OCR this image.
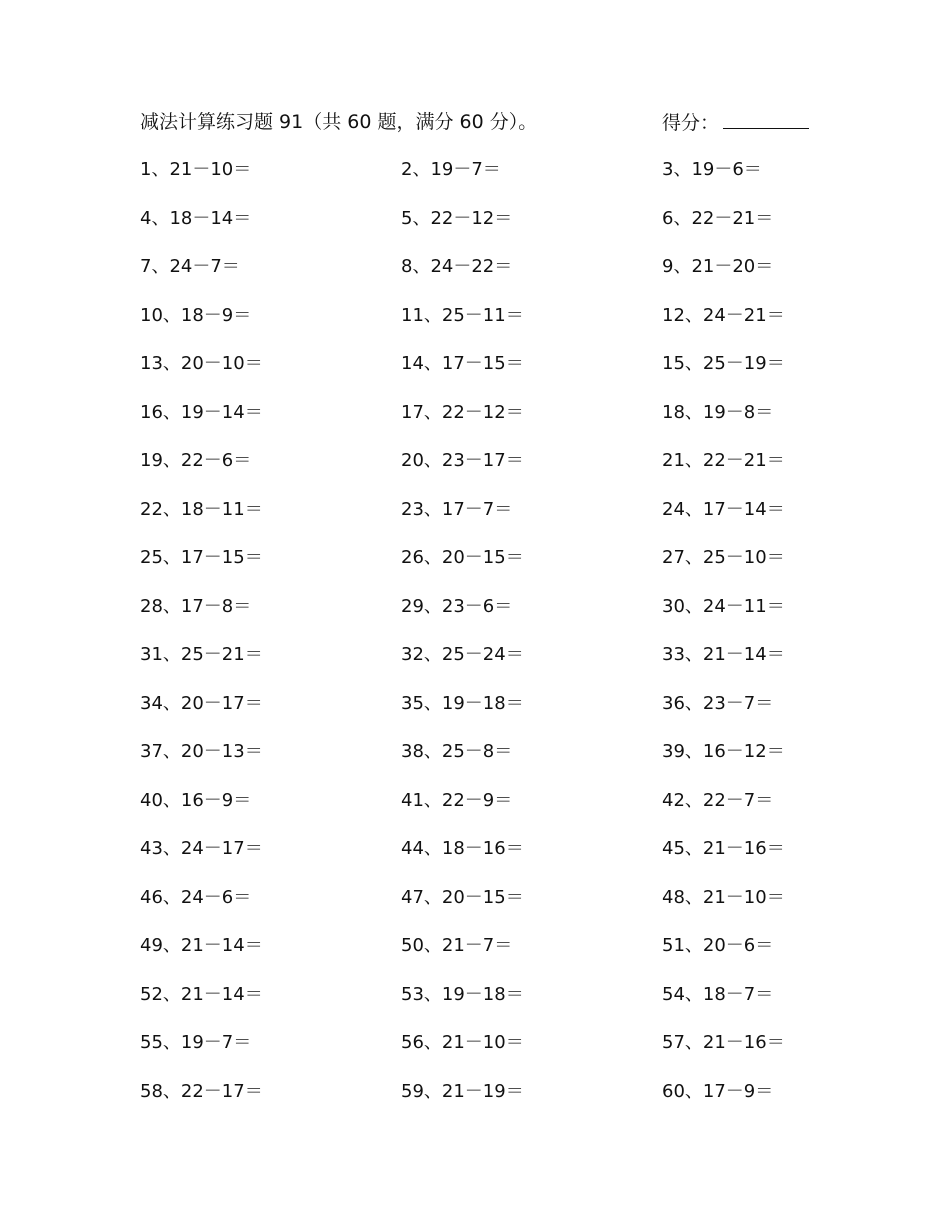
减法计算练习题 91（共 60 题，满分 60 分）。	得分：
1、21－10＝	2、19－7＝	3、19－6＝
4、18－14＝	5、22－12＝	6、22－21＝
7、24－7＝	8、24－22＝	9、21－20＝
10、18－9＝	11、25－11＝	12、24－21＝
13、20－10＝	14、17－15＝	15、25－19＝
16、19－14＝	17、22－12＝	18、19－8＝
19、22－6＝	20、23－17＝	21、22－21＝
22、18－11＝	23、17－7＝	24、17－14＝
25、17－15＝	26、20－15＝	27、25－10＝
28、17－8＝	29、23－6＝	30、24－11＝
31、25－21＝	32、25－24＝	33、21－14＝
34、20－17＝	35、19－18＝	36、23－7＝
37、20－13＝	38、25－8＝	39、16－12＝
40、16－9＝	41、22－9＝	42、22－7＝
43、24－17＝	44、18－16＝	45、21－16＝
46、24－6＝	47、20－15＝	48、21－10＝
49、21－14＝	50、21－7＝	51、20－6＝
52、21－14＝	53、19－18＝	54、18－7＝
55、19－7＝	56、21－10＝	57、21－16＝
58、22－17＝	59、21－19＝	60、17－9＝
